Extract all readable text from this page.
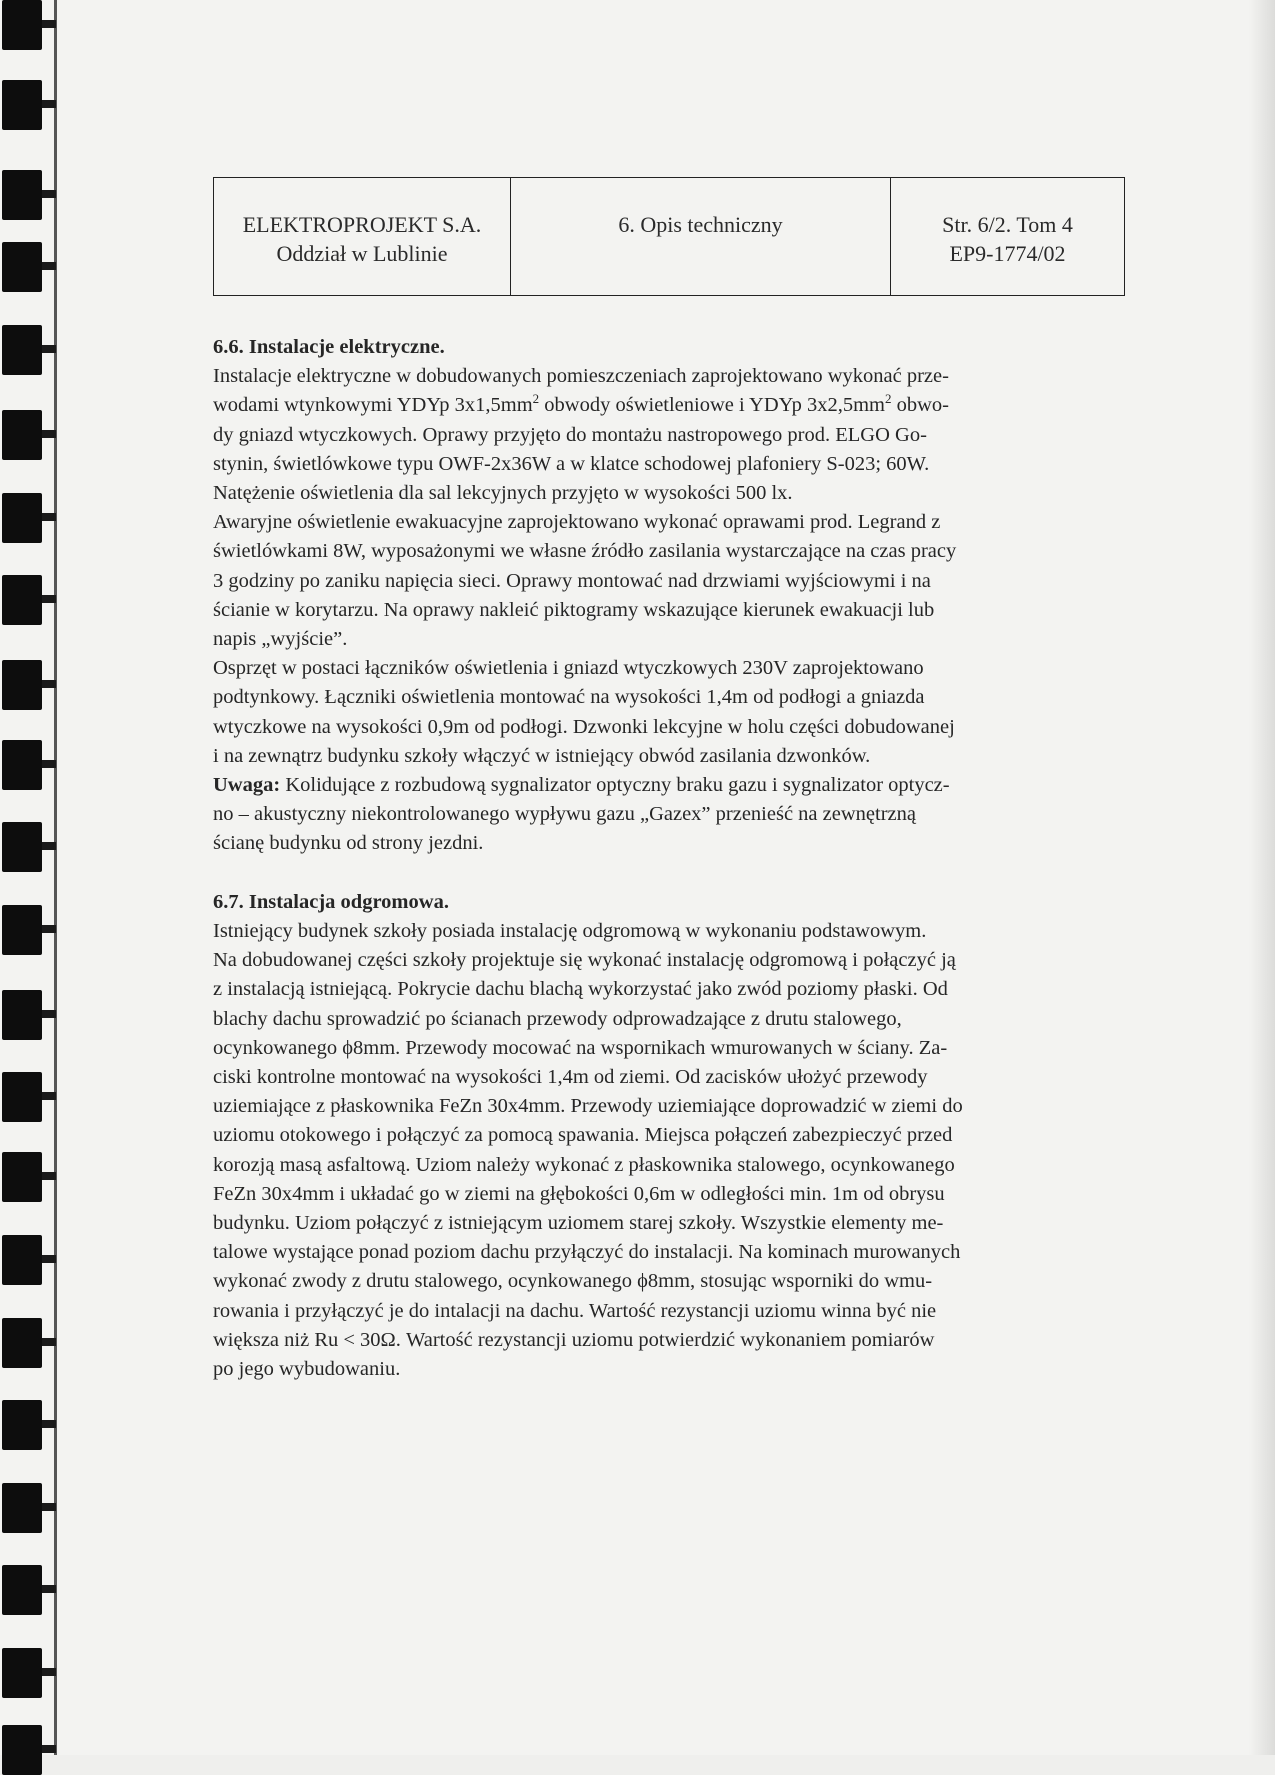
ELEKTROPROJEKT S.A.
Oddział w Lublinie
6. Opis techniczny	Str. 6/2. Tom 4
EP9-1774/02
6.6. Instalacje elektryczne.
Instalacje elektryczne w dobudowanych pomieszczeniach zaprojektowano wykonać prze-
wodami wtynkowymi YDYp $3x1,5mm^2$ obwody oświetleniowe i YDYp $3x2,5mm^2$ obwo-
dy gniazd wtyczkowych. Oprawy przyjęto do montażu nastropowego prod. ELGO Go-
stynin, świetlówkowe typu OWF-2x36W a w klatce schodowej plafoniery S-023; 60W.
Natężenie oświetlenia dla sal lekcyjnych przyjęto w wysokości 500 lx.
Awaryjne oświetlenie ewakuacyjne zaprojektowano wykonać oprawami prod. Legrand z
świetlówkami 8W, wyposażonymi we własne źródło zasilania wystarczające na czas pracy
3 godziny po zaniku napięcia sieci. Oprawy montować nad drzwiami wyjściowymi i na
ścianie w korytarzu. Na oprawy nakleić piktogramy wskazujące kierunek ewakuacji lub
napis „wyjście”.
Osprzęt w postaci łączników oświetlenia i gniazd wtyczkowych 230V zaprojektowano
podtynkowy. Łączniki oświetlenia montować na wysokości 1,4m od podłogi a gniazda
wtyczkowe na wysokości 0,9m od podłogi. Dzwonki lekcyjne w holu części dobudowanej
i na zewnątrz budynku szkoły włączyć w istniejący obwód zasilania dzwonków.
Uwaga: Kolidujące z rozbudową sygnalizator optyczny braku gazu i sygnalizator optycz-
no – akustyczny niekontrolowanego wypływu gazu „Gazex” przenieść na zewnętrzną
ścianę budynku od strony jezdni.
6.7. Instalacja odgromowa.
Istniejący budynek szkoły posiada instalację odgromową w wykonaniu podstawowym.
Na dobudowanej części szkoły projektuje się wykonać instalację odgromową i połączyć ją
z instalacją istniejącą. Pokrycie dachu blachą wykorzystać jako zwód poziomy płaski. Od
blachy dachu sprowadzić po ścianach przewody odprowadzające z drutu stalowego,
ocynkowanego ϕ8mm. Przewody mocować na wspornikach wmurowanych w ściany. Za-
ciski kontrolne montować na wysokości 1,4m od ziemi. Od zacisków ułożyć przewody
uziemiające z płaskownika FeZn 30x4mm. Przewody uziemiające doprowadzić w ziemi do
uziomu otokowego i połączyć za pomocą spawania. Miejsca połączeń zabezpieczyć przed
korozją masą asfaltową. Uziom należy wykonać z płaskownika stalowego, ocynkowanego
FeZn 30x4mm i układać go w ziemi na głębokości 0,6m w odległości min. 1m od obrysu
budynku. Uziom połączyć z istniejącym uziomem starej szkoły. Wszystkie elementy me-
talowe wystające ponad poziom dachu przyłączyć do instalacji. Na kominach murowanych
wykonać zwody z drutu stalowego, ocynkowanego ϕ8mm, stosując wsporniki do wmu-
rowania i przyłączyć je do intalacji na dachu. Wartość rezystancji uziomu winna być nie
większa niż Ru < 30Ω. Wartość rezystancji uziomu potwierdzić wykonaniem pomiarów
po jego wybudowaniu.
